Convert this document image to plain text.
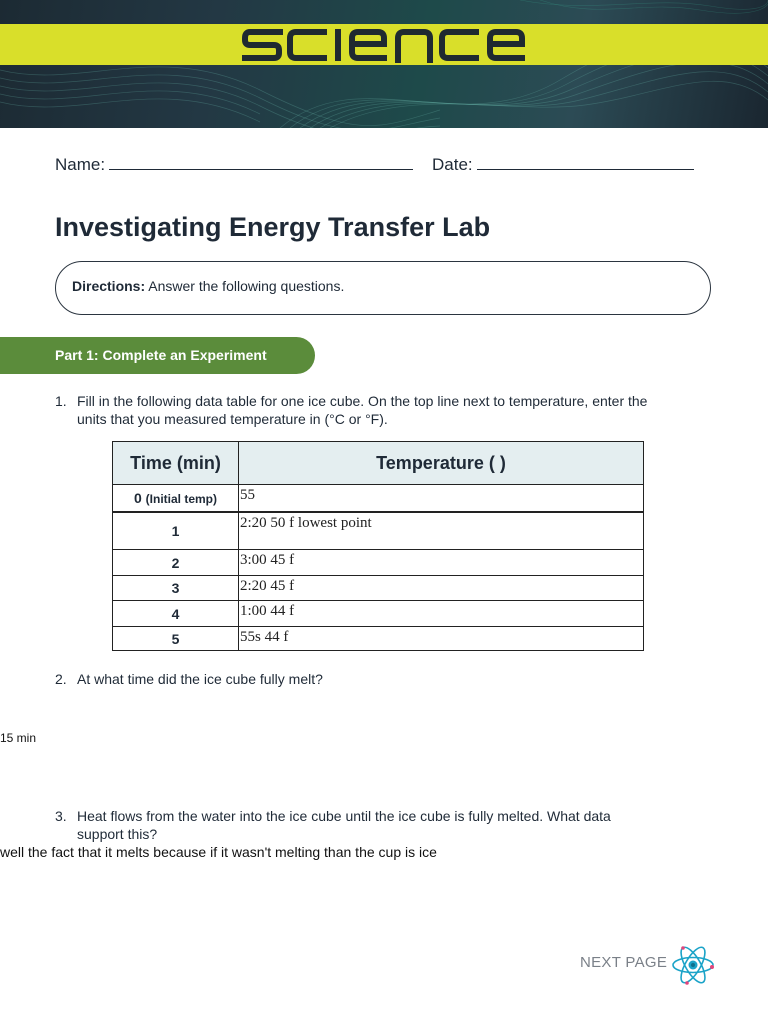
Name:	Date:
Investigating Energy Transfer Lab
Directions: Answer the following questions.
Part 1: Complete an Experiment
1. Fill in the following data table for one ice cube. On the top line next to temperature, enter the
units that you measured temperature in (°C or °F).
Time (min)	Temperature ( )
0 (Initial temp)	55
1	2:20 50 f lowest point
2	3:00 45 f
3	2:20 45 f
4	1:00 44 f
5	55s 44 f
2. At what time did the ice cube fully melt?
15 min
3. Heat flows from the water into the ice cube until the ice cube is fully melted. What data
support this?
well the fact that it melts because if it wasn't melting than the cup is ice
NEXT PAGE
